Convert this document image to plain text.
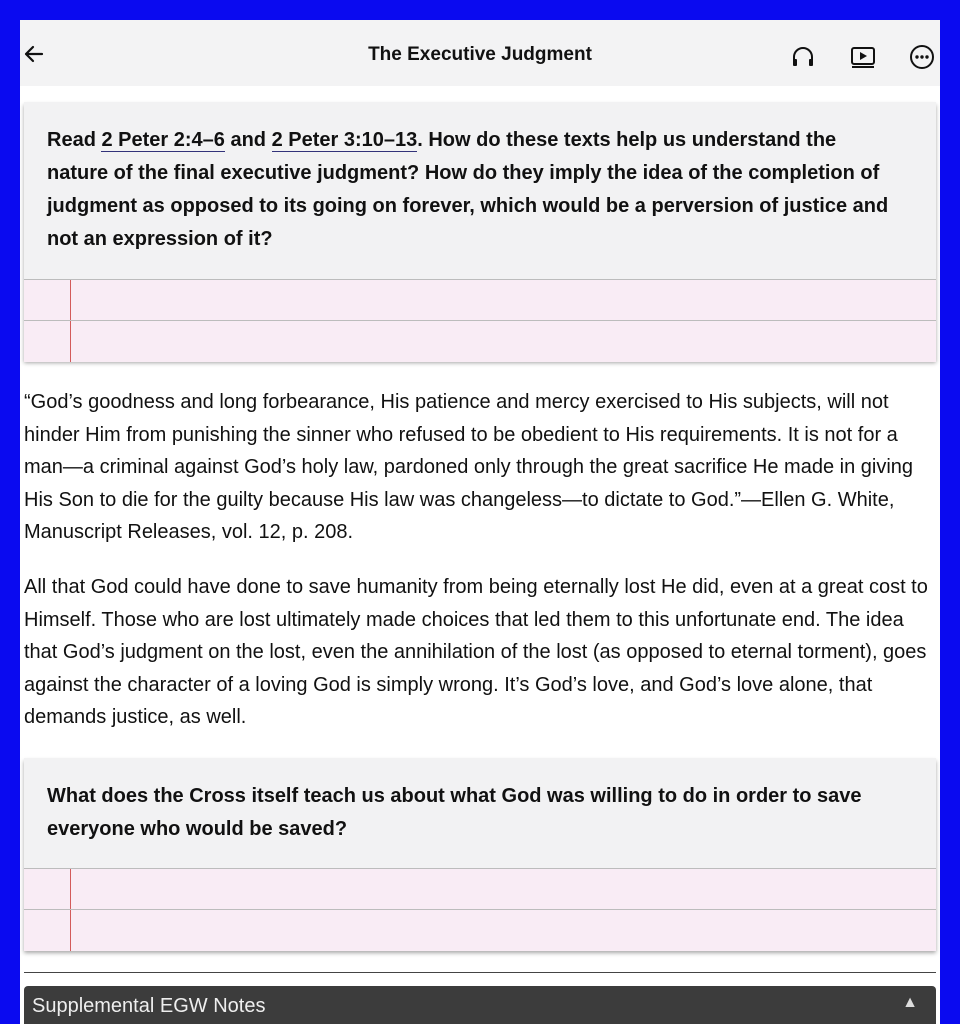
The Executive Judgment
Read 2 Peter 2:4–6 and 2 Peter 3:10–13. How do these texts help us understand the nature of the final executive judgment? How do they imply the idea of the completion of judgment as opposed to its going on forever, which would be a perversion of justice and not an expression of it?
“God’s goodness and long forbearance, His patience and mercy exercised to His subjects, will not hinder Him from punishing the sinner who refused to be obedient to His requirements. It is not for a man—a criminal against God’s holy law, pardoned only through the great sacrifice He made in giving His Son to die for the guilty because His law was changeless—to dictate to God.”—Ellen G. White, Manuscript Releases, vol. 12, p. 208.
All that God could have done to save humanity from being eternally lost He did, even at a great cost to Himself. Those who are lost ultimately made choices that led them to this unfortunate end. The idea that God’s judgment on the lost, even the annihilation of the lost (as opposed to eternal torment), goes against the character of a loving God is simply wrong. It’s God’s love, and God’s love alone, that demands justice, as well.
What does the Cross itself teach us about what God was willing to do in order to save everyone who would be saved?
Supplemental EGW Notes	▲
